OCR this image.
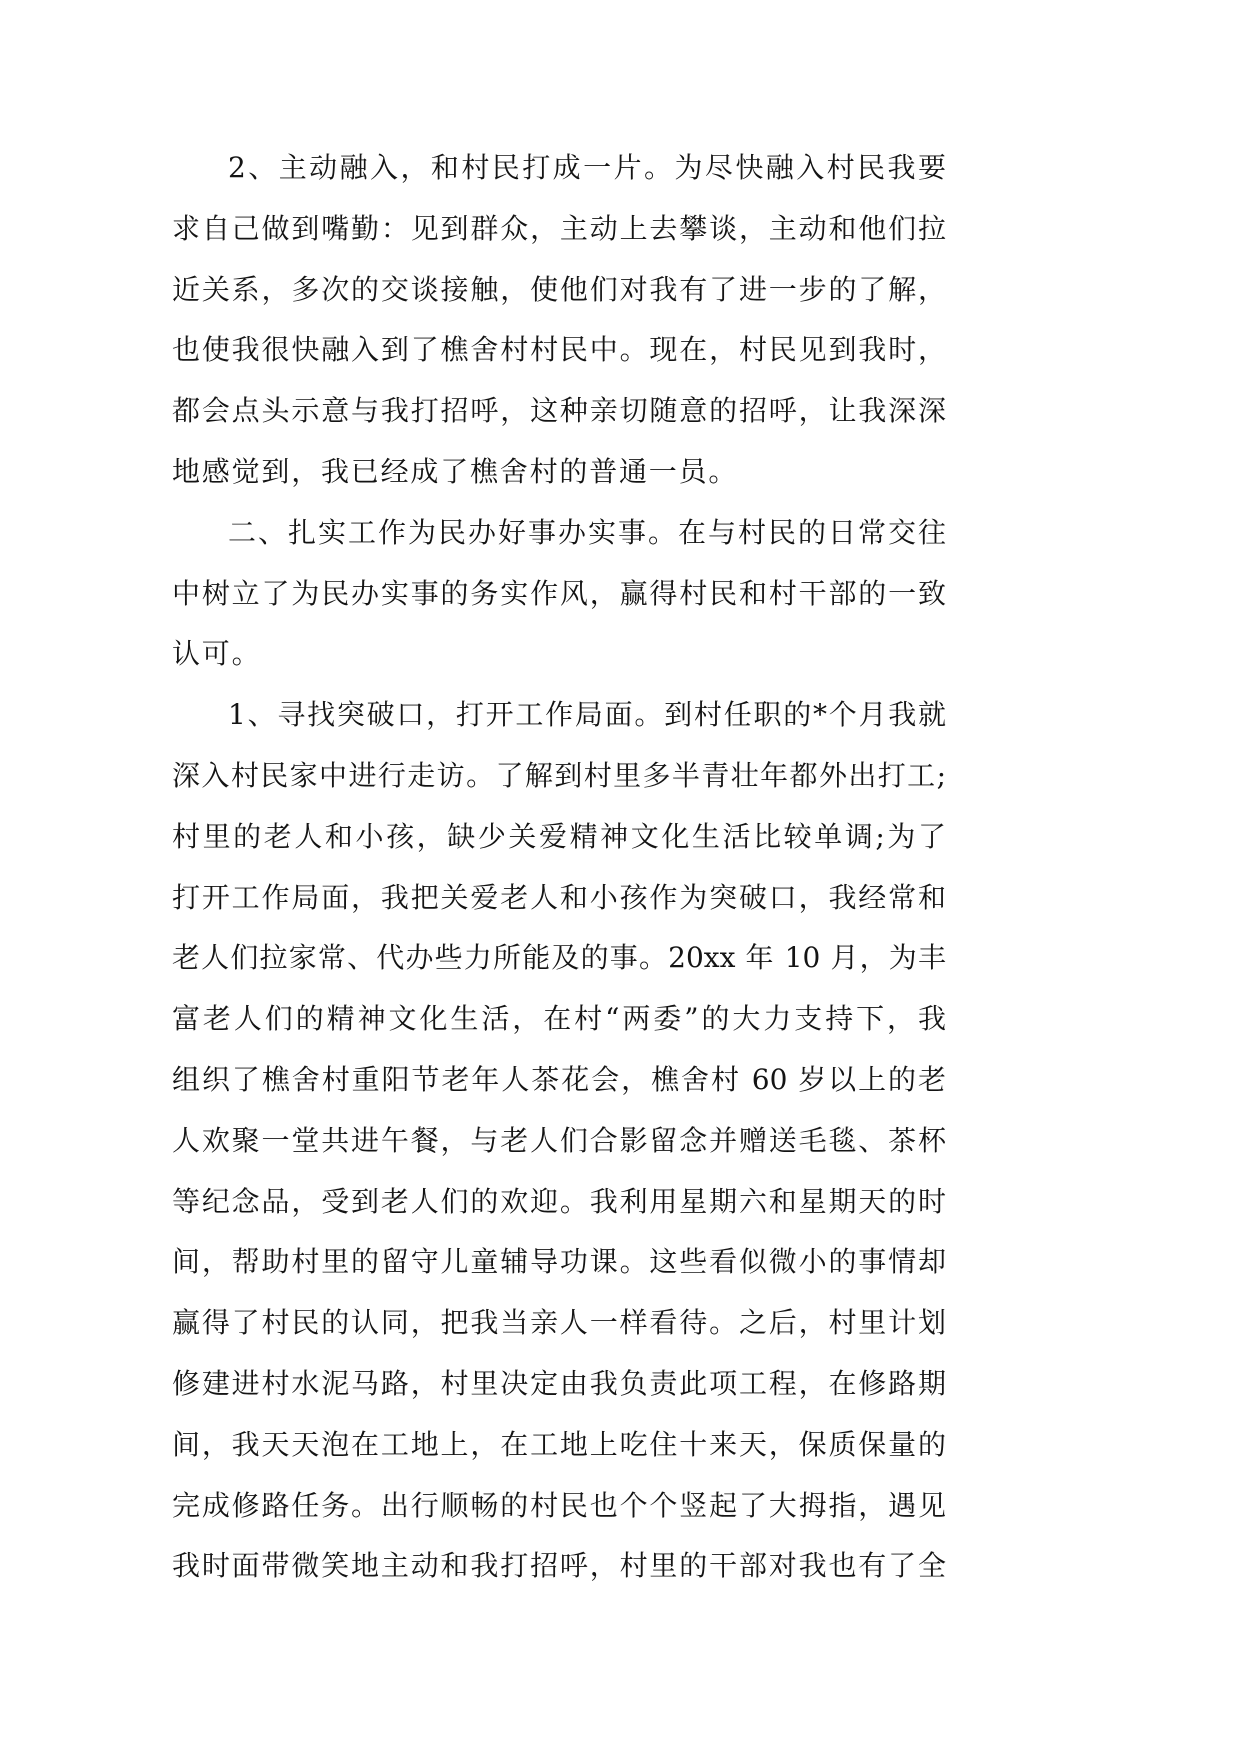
2、主动融入，和村民打成一片。为尽快融入村民我要
求自己做到嘴勤：见到群众，主动上去攀谈，主动和他们拉
近关系，多次的交谈接触，使他们对我有了进一步的了解，
也使我很快融入到了樵舍村村民中。现在，村民见到我时，
都会点头示意与我打招呼，这种亲切随意的招呼，让我深深
地感觉到，我已经成了樵舍村的普通一员。
二、扎实工作为民办好事办实事。在与村民的日常交往
中树立了为民办实事的务实作风，赢得村民和村干部的一致
认可。
1、寻找突破口，打开工作局面。到村任职的*个月我就
深入村民家中进行走访。了解到村里多半青壮年都外出打工;
村里的老人和小孩，缺少关爱精神文化生活比较单调;为了
打开工作局面，我把关爱老人和小孩作为突破口，我经常和
老人们拉家常、代办些力所能及的事。20xx 年 10 月，为丰
富老人们的精神文化生活，在村“两委”的大力支持下，我
组织了樵舍村重阳节老年人茶花会，樵舍村 60 岁以上的老
人欢聚一堂共进午餐，与老人们合影留念并赠送毛毯、茶杯
等纪念品，受到老人们的欢迎。我利用星期六和星期天的时
间，帮助村里的留守儿童辅导功课。这些看似微小的事情却
赢得了村民的认同，把我当亲人一样看待。之后，村里计划
修建进村水泥马路，村里决定由我负责此项工程，在修路期
间，我天天泡在工地上，在工地上吃住十来天，保质保量的
完成修路任务。出行顺畅的村民也个个竖起了大拇指，遇见
我时面带微笑地主动和我打招呼，村里的干部对我也有了全
